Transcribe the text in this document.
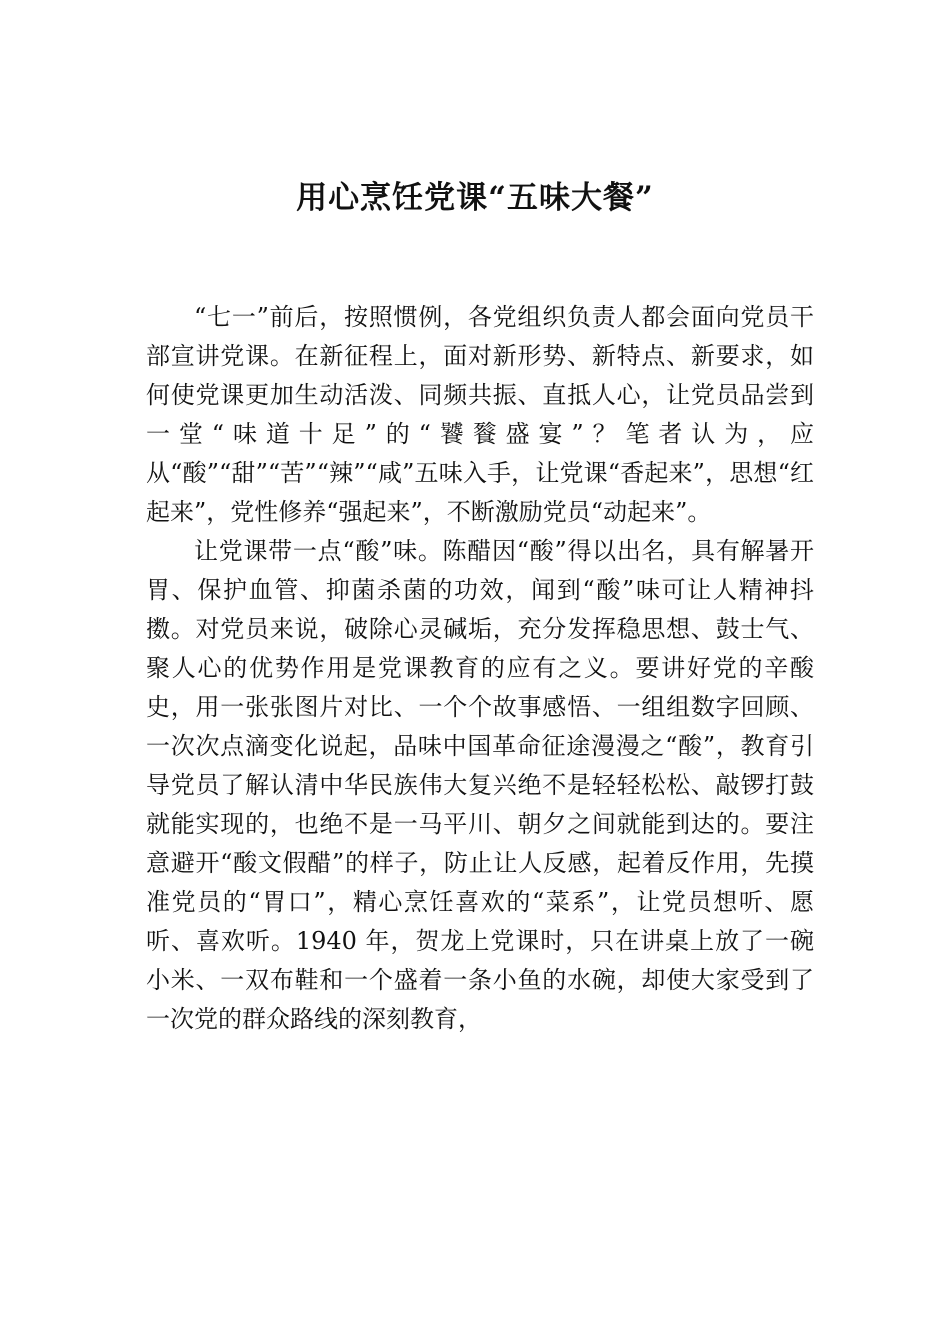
用心烹饪党课“五味大餐”

“七一”前后，按照惯例，各党组织负责人都会面向党员干部宣讲党课。在新征程上，面对新形势、新特点、新要求，如何使党课更加生动活泼、同频共振、直抵人心，让党员品尝到一堂“味道十足”的“饕餮盛宴”？笔者认为，应从“酸”“甜”“苦”“辣”“咸”五味入手，让党课“香起来”，思想“红起来”，党性修养“强起来”，不断激励党员“动起来”。

让党课带一点“酸”味。陈醋因“酸”得以出名，具有解暑开胃、保护血管、抑菌杀菌的功效，闻到“酸”味可让人精神抖擞。对党员来说，破除心灵碱垢，充分发挥稳思想、鼓士气、聚人心的优势作用是党课教育的应有之义。要讲好党的辛酸史，用一张张图片对比、一个个故事感悟、一组组数字回顾、一次次点滴变化说起，品味中国革命征途漫漫之“酸”，教育引导党员了解认清中华民族伟大复兴绝不是轻轻松松、敲锣打鼓就能实现的，也绝不是一马平川、朝夕之间就能到达的。要注意避开“酸文假醋”的样子，防止让人反感，起着反作用，先摸准党员的“胃口”，精心烹饪喜欢的“菜系”，让党员想听、愿听、喜欢听。1940 年，贺龙上党课时，只在讲桌上放了一碗小米、一双布鞋和一个盛着一条小鱼的水碗，却使大家受到了一次党的群众路线的深刻教育，
